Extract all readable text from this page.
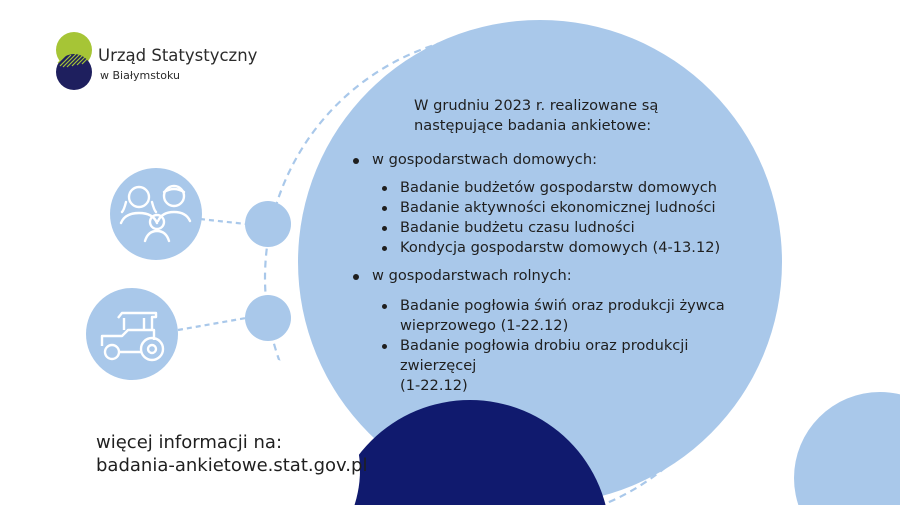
Urząd Statystyczny
w Białymstoku
W grudniu 2023 r. realizowane są
następujące badania ankietowe:
w gospodarstwach domowych:
Badanie budżetów gospodarstw domowych
Badanie aktywności ekonomicznej ludności
Badanie budżetu czasu ludności
Kondycja gospodarstw domowych (4-13.12)
w gospodarstwach rolnych:
Badanie pogłowia świń oraz produkcji żywca
wieprzowego (1-22.12)
Badanie pogłowia drobiu oraz produkcji zwierzęcej
(1-22.12)
więcej informacji na:
badania-ankietowe.stat.gov.pl
